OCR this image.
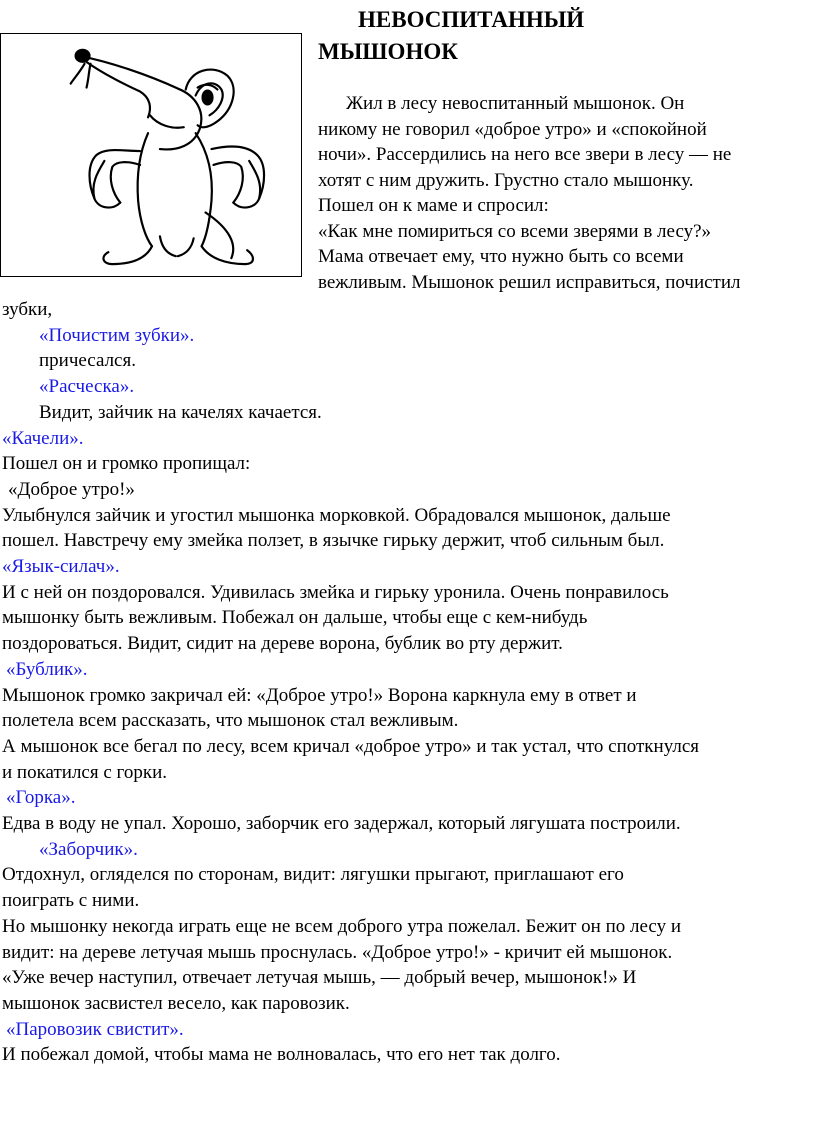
НЕВОСПИТАННЫЙ
МЫШОНОК
Жил в лесу невоспитанный мышонок. Он
никому не говорил «доброе утро» и «спокойной
ночи». Рассердились на него все звери в лесу — не
хотят с ним дружить. Грустно стало мышонку.
Пошел он к маме и спросил:
«Как мне помириться со всеми зверями в лесу?»
Мама отвечает ему, что нужно быть со всеми
вежливым. Мышонок решил исправиться, почистил
зубки,
«Почистим зубки».
причесался.
«Расческа».
Видит, зайчик на качелях качается.
«Качели».
Пошел он и громко пропищал:
«Доброе утро!»
Улыбнулся зайчик и угостил мышонка морковкой. Обрадовался мышонок, дальше
пошел. Навстречу ему змейка ползет, в язычке гирьку держит, чтоб сильным был.
«Язык-силач».
И с ней он поздоровался. Удивилась змейка и гирьку уронила. Очень понравилось
мышонку быть вежливым. Побежал он дальше, чтобы еще с кем-нибудь
поздороваться. Видит, сидит на дереве ворона, бублик во рту держит.
«Бублик».
Мышонок громко закричал ей: «Доброе утро!» Ворона каркнула ему в ответ и
полетела всем рассказать, что мышонок стал вежливым.
А мышонок все бегал по лесу, всем кричал «доброе утро» и так устал, что споткнулся
и покатился с горки.
«Горка».
Едва в воду не упал. Хорошо, заборчик его задержал, который лягушата построили.
«Заборчик».
Отдохнул, огляделся по сторонам, видит: лягушки прыгают, приглашают его
поиграть с ними.
Но мышонку некогда играть еще не всем доброго утра пожелал. Бежит он по лесу и
видит: на дереве летучая мышь проснулась. «Доброе утро!» - кричит ей мышонок.
«Уже вечер наступил, отвечает летучая мышь, — добрый вечер, мышонок!» И
мышонок засвистел весело, как паровозик.
«Паровозик свистит».
И побежал домой, чтобы мама не волновалась, что его нет так долго.
